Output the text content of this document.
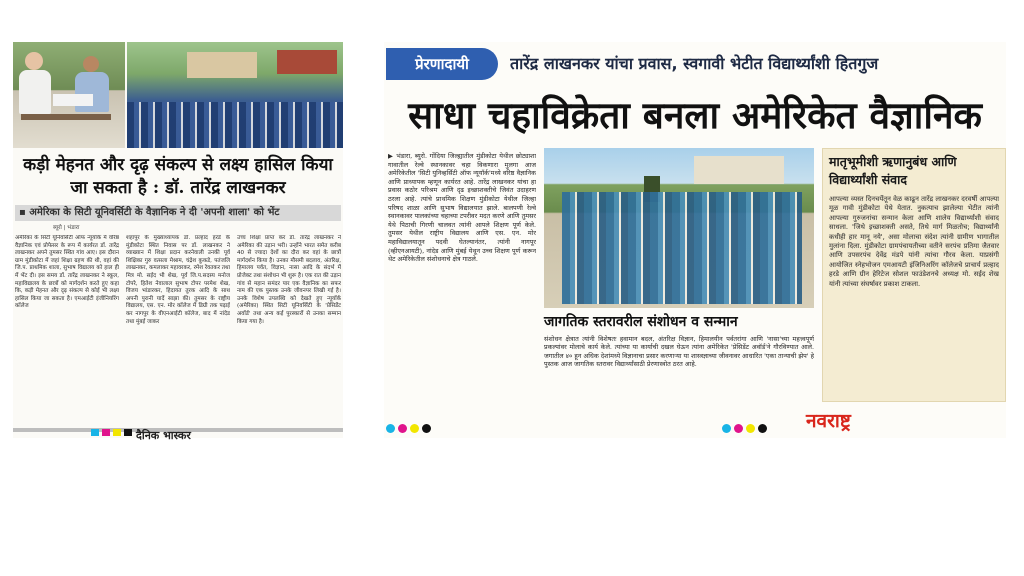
कड़ी मेहनत और दृढ़ संकल्प से लक्ष्य हासिल किया जा सकता है : डॉ. तारेंद्र लाखनकर
▪ अमेरिका के सिटी यूनिवर्सिटी के वैज्ञानिक ने दी 'अपनी शाला' को भेंट
ब्यूरो | भंडारा
अमेरिका के सिटी यूनिवर्सिटी ऑफ न्यूयॉर्क में वरिष्ठ वैज्ञानिक एवं प्रोफेसर के रूप में कार्यरत डॉ. तारेंद्र लाखनकर अपने तुमसर स्थित गांव आए। इस दौरान ग्राम मुंडीकोटा में जहां शिक्षा ग्रहण की थी, वहां की जि.प. प्राथमिक शाला, सुभाष विद्यालय को हाल ही में भेंट दी। इस समय डॉ. तारेंद्र लाखनकर ने स्कूल, महाविद्यालय के छात्रों को मार्गदर्शन करते हुए कहा कि, कड़ी मेहनत और दृढ़ संकल्प से कोई भी लक्ष्य हासिल किया जा सकता है। एमआईटी इंजीनियरिंग कॉलेज
शहापुर के मुख्याध्यापक डॉ. प्रल्हाद हरडे के मुंडीकोटा स्थित निवास पर डॉ. लाखनकर ने व्याख्यान में शिक्षा प्रदान करनेवाली उनकी पूर्व शिक्षिका गुरु वत्सला मेश्राम, चंद्रेश कुकडे, पतंजलि लाखनकर, कमलाकर महावरकर, रमेश रेवतकर तथा मित्र मो. सईद भी शेख, पूर्व जि.प.सदस्य मनोज टोपरे, हितेश नेवालाल सुभाष टोपर परमेश शेख, विजय भांडारकर, हिदायत तुरक आदि के साथ अपनी पुरानी यादें साझा की। तुमसर के राष्ट्रीय विद्यालय, एस. एन. मोर कॉलेज में डिग्री तक पढ़ाई कर नागपुर के वीएनआईटी कॉलेज, बाद में नांदेड तथा मुंबई जाकर
उच्च शिक्षा प्राप्त कर डॉ. तारेंद्र लाखनकर ने अमेरिका की उड़ान भरी। उन्होंने भारत समेत करीब 40 से ज्यादा देशों का दौरा कर वहां के छात्रों मार्गदर्शन किया है। उनका मौसमी बदलाव, अंतरिक्ष, हिमालय पर्वत, विज्ञान, नासा आदि के संदर्भ में प्रोजेक्ट तथा संशोधन भी शुरू है। एक रात की उड़ान गांव से महान समंदर पार एक वैज्ञानिक का सफर नाम की एक पुस्तक उनके जीवनपर लिखी गई है। उनके विशेष उपलब्धि को देखते हुए न्यूयॉर्क (अमेरिका) स्थित सिटी यूनिवर्सिटी के 'प्रेसिडेंट अवॉर्ड' तथा अन्य कई पुरस्कारों से उनका सम्मान किया गया है।
दैनिक भास्कर
प्रेरणादायी	तारेंद्र लाखनकर यांचा प्रवास, स्वगावी भेटीत विद्यार्थ्यांशी हितगुज
साधा चहाविक्रेता बनला अमेरिकेत वैज्ञानिक
▶ भंडारा, ब्युरो. गोंदिया जिल्ह्यातील मुंडीकोटा येथील छोट्याशा गावातील रेल्वे स्थानकावर चहा विकणारा मुलगा आज अमेरिकेतील 'सिटी युनिव्हर्सिटी ऑफ न्यूयॉर्क'मध्ये वरिष्ठ वैज्ञानिक आणि प्राध्यापक म्हणून कार्यरत आहे. तारेंद्र लाखनकर यांचा हा प्रवास कठोर परिश्रम आणि दृढ इच्छाशक्तीचे जिवंत उदाहरण ठरला आहे. त्यांचे प्राथमिक शिक्षण मुंडीकोटा येथील जिल्हा परिषद शाळा आणि सुभाष विद्यालयात झाले. बालपणी रेल्वे स्थानकावर पालकांच्या चहाच्या टपरीवर मदत करणे आणि तुमसर येथे पिठाची गिरणी चालवत त्यांनी आपले शिक्षण पूर्ण केले. तुमसर येथील राष्ट्रीय विद्यालय आणि एस. एन. मोर महाविद्यालयातून पदवी घेतल्यानंतर, त्यांनी नागपूर (व्हीएनआयटी), नांदेड आणि मुंबई येथून उच्च शिक्षण पूर्ण करून थेट अमेरिकेतील संशोधनाचे क्षेत्र गाठले.
जागतिक स्तरावरील संशोधन व सन्मान
संशोधन क्षेत्रात त्यांनी विशेषतः हवामान बदल, अंतरिक्ष विज्ञान, हिमालयीन पर्वतरांगा आणि 'नासा'च्या महत्त्वपूर्ण प्रकल्पांवर मोलाचे कार्य केले. त्यांच्या या कार्याची दखल घेऊन त्यांना अमेरिकेत 'प्रेसिडेंट अवॉर्ड'ने गौरविण्यात आले. जगातील ४० हून अधिक देशांमध्ये विज्ञानाचा प्रसार करणाऱ्या या शास्त्रज्ञाच्या जीवनावर आधारित 'एका तान्याची झेप' हे पुस्तक आज जागतिक स्तरावर विद्यार्थ्यांसाठी प्रेरणास्त्रोत ठरत आहे.
मातृभूमीशी ऋणानुबंध आणि विद्यार्थ्यांशी संवाद
आपल्या व्यस्त दिनचर्येतून वेळ काढून तारेंद्र लाखनकर दरवर्षी आपल्या मूळ गावी मुंडीकोटा येथे येतात. नुकत्याच झालेल्या भेटीत त्यांनी आपल्या गुरुजनांचा सन्मान केला आणि शालेय विद्यार्थ्यांशी संवाद साधला. 'जिथे इच्छाशक्ती असते, तिथे मार्ग मिळतोच; विद्यार्थ्यांनी कधीही हार मानू नये', असा मोलाचा संदेश त्यांनी ग्रामीण भागातील मुलांना दिला. मुंडीकोटा ग्रामपंचायतीच्या वतीने सरपंच प्रतिमा जैतवार आणि उपसरपंच देवेंद्र मंडपे यांनी त्यांचा गौरव केला. याप्रसंगी आयोजित स्नेहभोजन एमआयटी इंजिनिअरिंग कॉलेजचे प्राचार्य प्रल्हाद हरडे आणि ग्रीन हेरिटेज सोशल फाउंडेशनचे अध्यक्ष मो. सईद शेख यांनी त्यांच्या संघर्षावर प्रकाश टाकला.
नवराष्ट्र
